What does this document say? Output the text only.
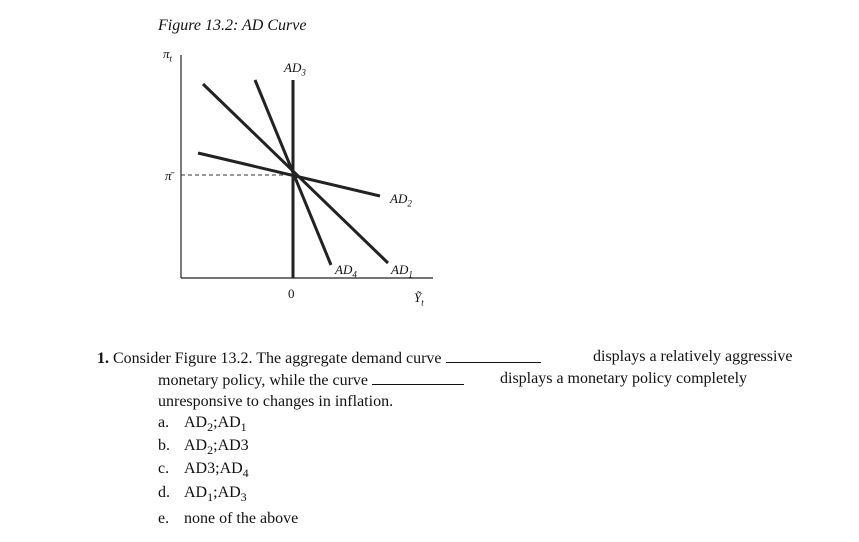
Figure 13.2: AD Curve
$\pi_t$
π̄
$AD_3$
$AD_2$
$AD_4$	$AD_1$
0	Ỹ$_t$
1. Consider Figure 13.2. The aggregate demand curve	displays a relatively aggressive
monetary policy, while the curve	displays a monetary policy completely
unresponsive to changes in inflation.
a. $AD_2;AD_1$
b. $AD_2;AD3$
c. $AD3;AD_4$
d. $AD_1;AD_3$
e. none of the above
